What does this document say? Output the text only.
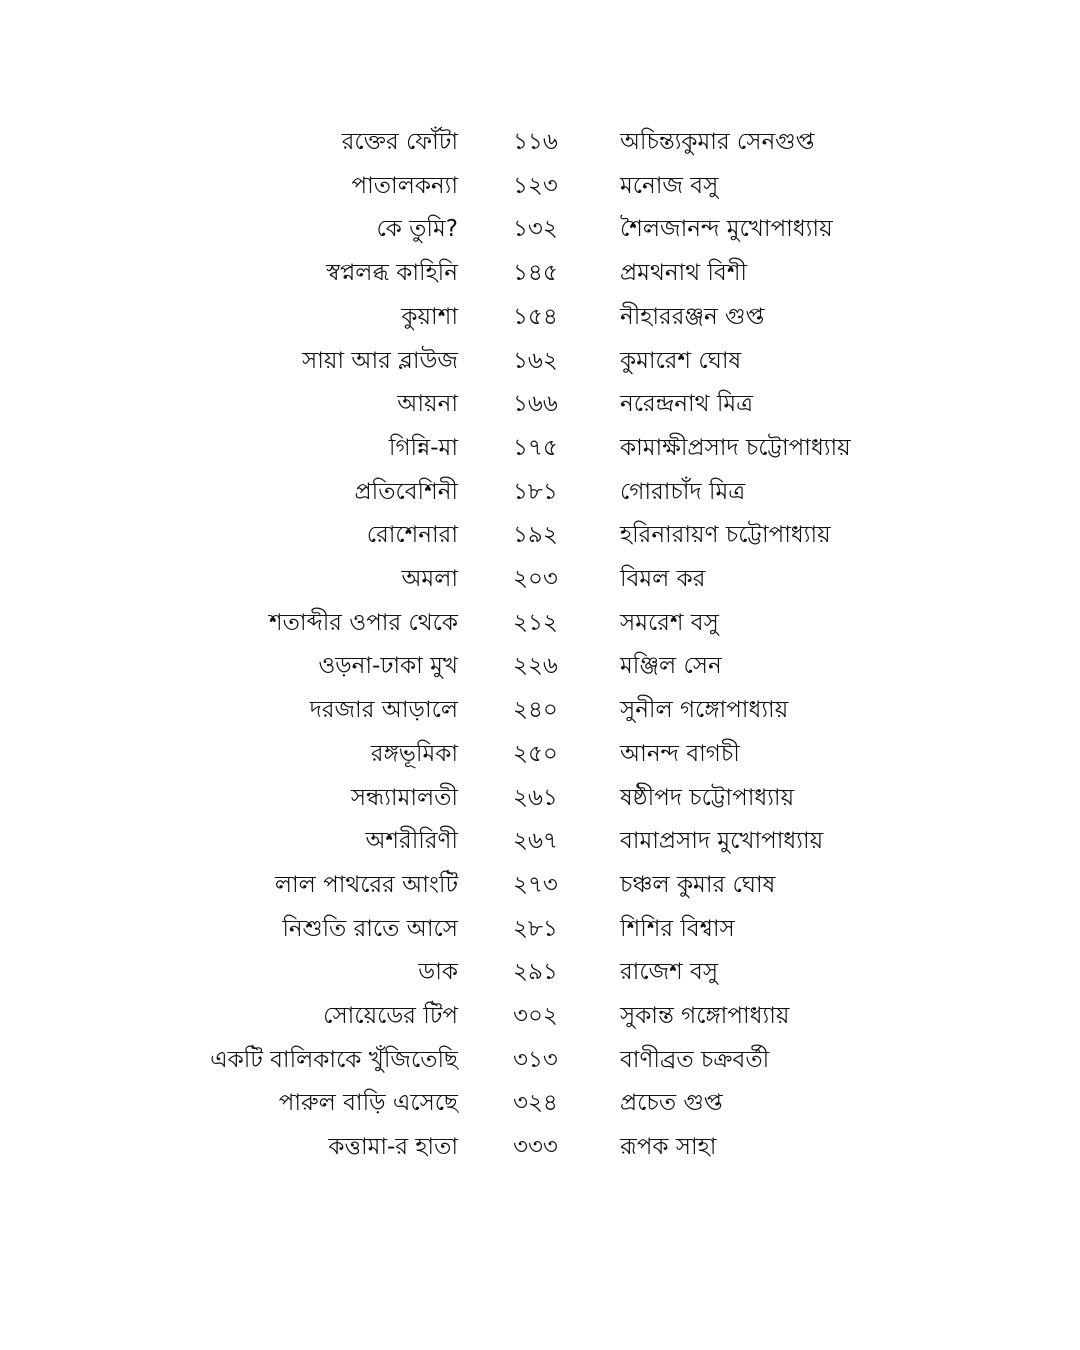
রক্তের ফোঁটা ১১৬	অচিন্ত্যকুমার সেনগুপ্ত
পাতালকন্যা ১২৩	মনোজ বসু
কে তুমি? ১৩২	শৈলজানন্দ মুখোপাধ্যায়
স্বপ্নলব্ধ কাহিনি ১৪৫	প্রমথনাথ বিশী
কুয়াশা ১৫৪	নীহাররঞ্জন গুপ্ত
সায়া আর ব্লাউজ ১৬২	কুমারেশ ঘোষ
আয়না ১৬৬	নরেন্দ্রনাথ মিত্র
গিন্নি-মা ১৭৫	কামাক্ষীপ্রসাদ চট্টোপাধ্যায়
প্রতিবেশিনী ১৮১	গোরাচাঁদ মিত্র
রোশেনারা ১৯২	হরিনারায়ণ চট্টোপাধ্যায়
অমলা ২০৩	বিমল কর
শতাব্দীর ওপার থেকে ২১২	সমরেশ বসু
ওড়না-ঢাকা মুখ ২২৬	মঞ্জিল সেন
দরজার আড়ালে ২৪০	সুনীল গঙ্গোপাধ্যায়
রঙ্গভূমিকা ২৫০	আনন্দ বাগচী
সন্ধ্যামালতী ২৬১	ষষ্ঠীপদ চট্টোপাধ্যায়
অশরীরিণী ২৬৭	বামাপ্রসাদ মুখোপাধ্যায়
লাল পাথরের আংটি ২৭৩	চঞ্চল কুমার ঘোষ
নিশুতি রাতে আসে ২৮১	শিশির বিশ্বাস
ডাক ২৯১	রাজেশ বসু
সোয়েডের টিপ ৩০২	সুকান্ত গঙ্গোপাধ্যায়
একটি বালিকাকে খুঁজিতেছি ৩১৩	বাণীব্রত চক্রবর্তী
পারুল বাড়ি এসেছে ৩২৪	প্রচেত গুপ্ত
কত্তামা-র হাতা ৩৩৩	রূপক সাহা
